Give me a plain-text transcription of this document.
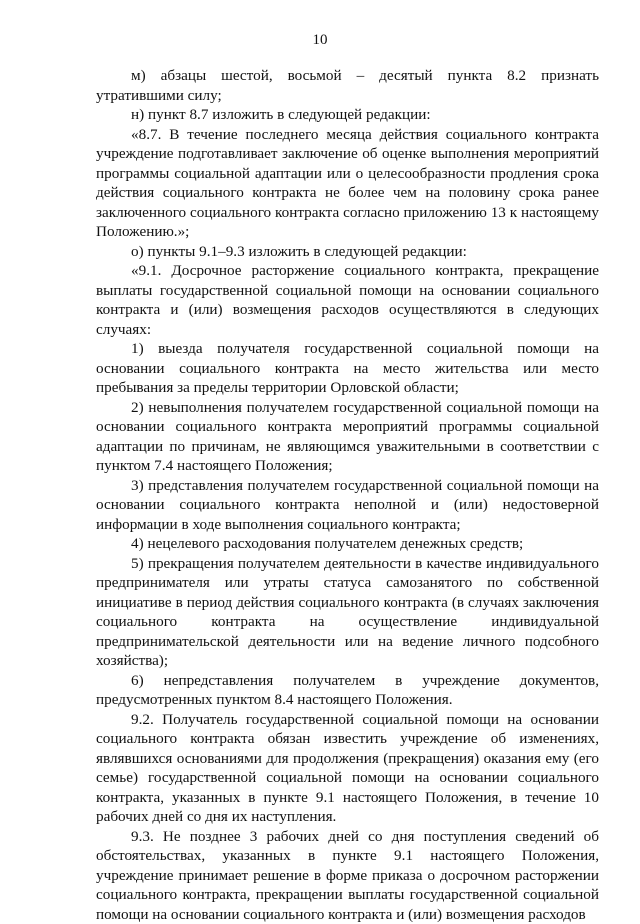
10

м) абзацы шестой, восьмой – десятый пункта 8.2 признать утратившими силу;

н) пункт 8.7 изложить в следующей редакции:

«8.7. В течение последнего месяца действия социального контракта учреждение подготавливает заключение об оценке выполнения мероприятий программы социальной адаптации или о целесообразности продления срока действия социального контракта не более чем на половину срока ранее заключенного социального контракта согласно приложению 13 к настоящему Положению.»;

о) пункты 9.1–9.3 изложить в следующей редакции:

«9.1. Досрочное расторжение социального контракта, прекращение выплаты государственной социальной помощи на основании социального контракта и (или) возмещения расходов осуществляются в следующих случаях:

1) выезда получателя государственной социальной помощи на основании социального контракта на место жительства или место пребывания за пределы территории Орловской области;

2) невыполнения получателем государственной социальной помощи на основании социального контракта мероприятий программы социальной адаптации по причинам, не являющимся уважительными в соответствии с пунктом 7.4 настоящего Положения;

3) представления получателем государственной социальной помощи на основании социального контракта неполной и (или) недостоверной информации в ходе выполнения социального контракта;

4) нецелевого расходования получателем денежных средств;

5) прекращения получателем деятельности в качестве индивидуального предпринимателя или утраты статуса самозанятого по собственной инициативе в период действия социального контракта (в случаях заключения социального контракта на осуществление индивидуальной предпринимательской деятельности или на ведение личного подсобного хозяйства);

6) непредставления получателем в учреждение документов, предусмотренных пунктом 8.4 настоящего Положения.

9.2. Получатель государственной социальной помощи на основании социального контракта обязан известить учреждение об изменениях, являвшихся основаниями для продолжения (прекращения) оказания ему (его семье) государственной социальной помощи на основании социального контракта, указанных в пункте 9.1 настоящего Положения, в течение 10 рабочих дней со дня их наступления.

9.3. Не позднее 3 рабочих дней со дня поступления сведений об обстоятельствах, указанных в пункте 9.1 настоящего Положения, учреждение принимает решение в форме приказа о досрочном расторжении социального контракта, прекращении выплаты государственной социальной помощи на основании социального контракта и (или) возмещения расходов
